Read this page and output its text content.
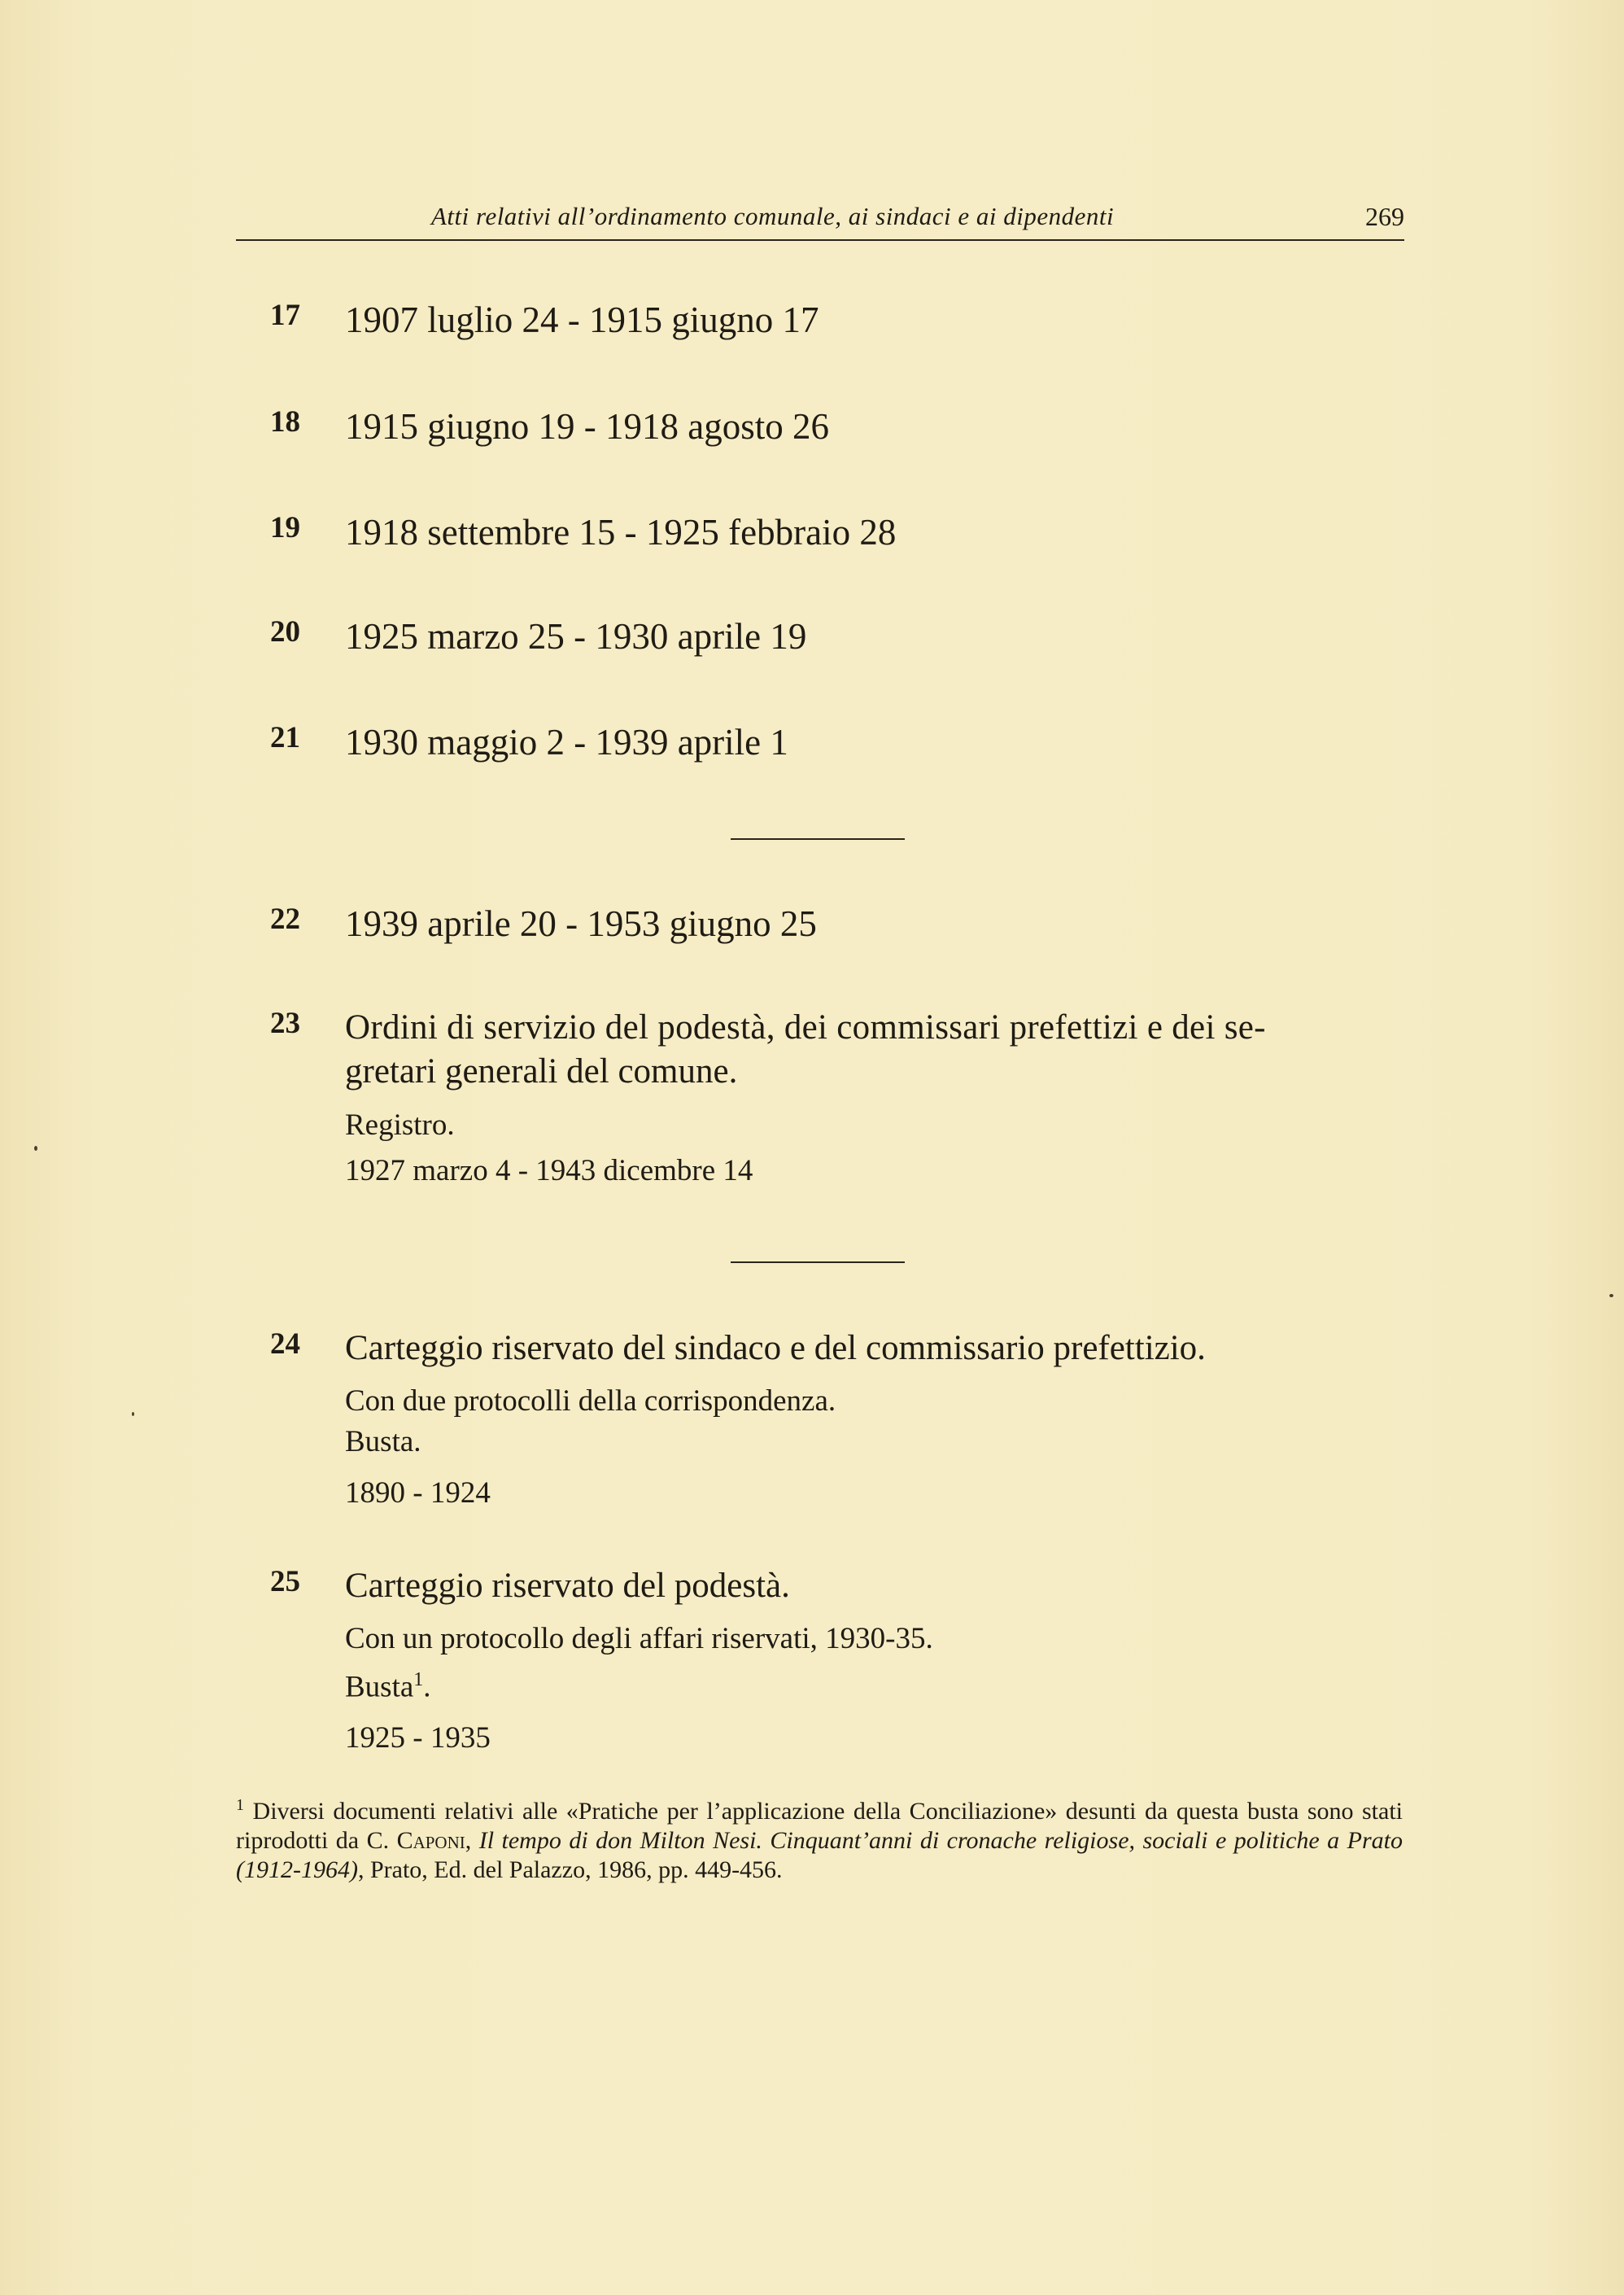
Atti relativi all’ordinamento comunale, ai sindaci e ai dipendenti	269
17 1907 luglio 24 - 1915 giugno 17
18 1915 giugno 19 - 1918 agosto 26
19 1918 settembre 15 - 1925 febbraio 28
20 1925 marzo 25 - 1930 aprile 19
21 1930 maggio 2 - 1939 aprile 1
22 1939 aprile 20 - 1953 giugno 25
23 Ordini di servizio del podestà, dei commissari prefettizi e dei se-
gretari generali del comune.
Registro.
1927 marzo 4 - 1943 dicembre 14
24 Carteggio riservato del sindaco e del commissario prefettizio.
Con due protocolli della corrispondenza.
Busta.
1890 - 1924
25 Carteggio riservato del podestà.
Con un protocollo degli affari riservati, 1930-35.
Busta$^1$.
1925 - 1935
$^1$ Diversi documenti relativi alle «Pratiche per l’applicazione della Conciliazione» desunti da questa busta sono stati riprodotti da C. Caponi, Il tempo di don Milton Nesi. Cinquant’anni di cronache religiose, sociali e politiche a Prato (1912-1964), Prato, Ed. del Palazzo, 1986, pp. 449-456.
